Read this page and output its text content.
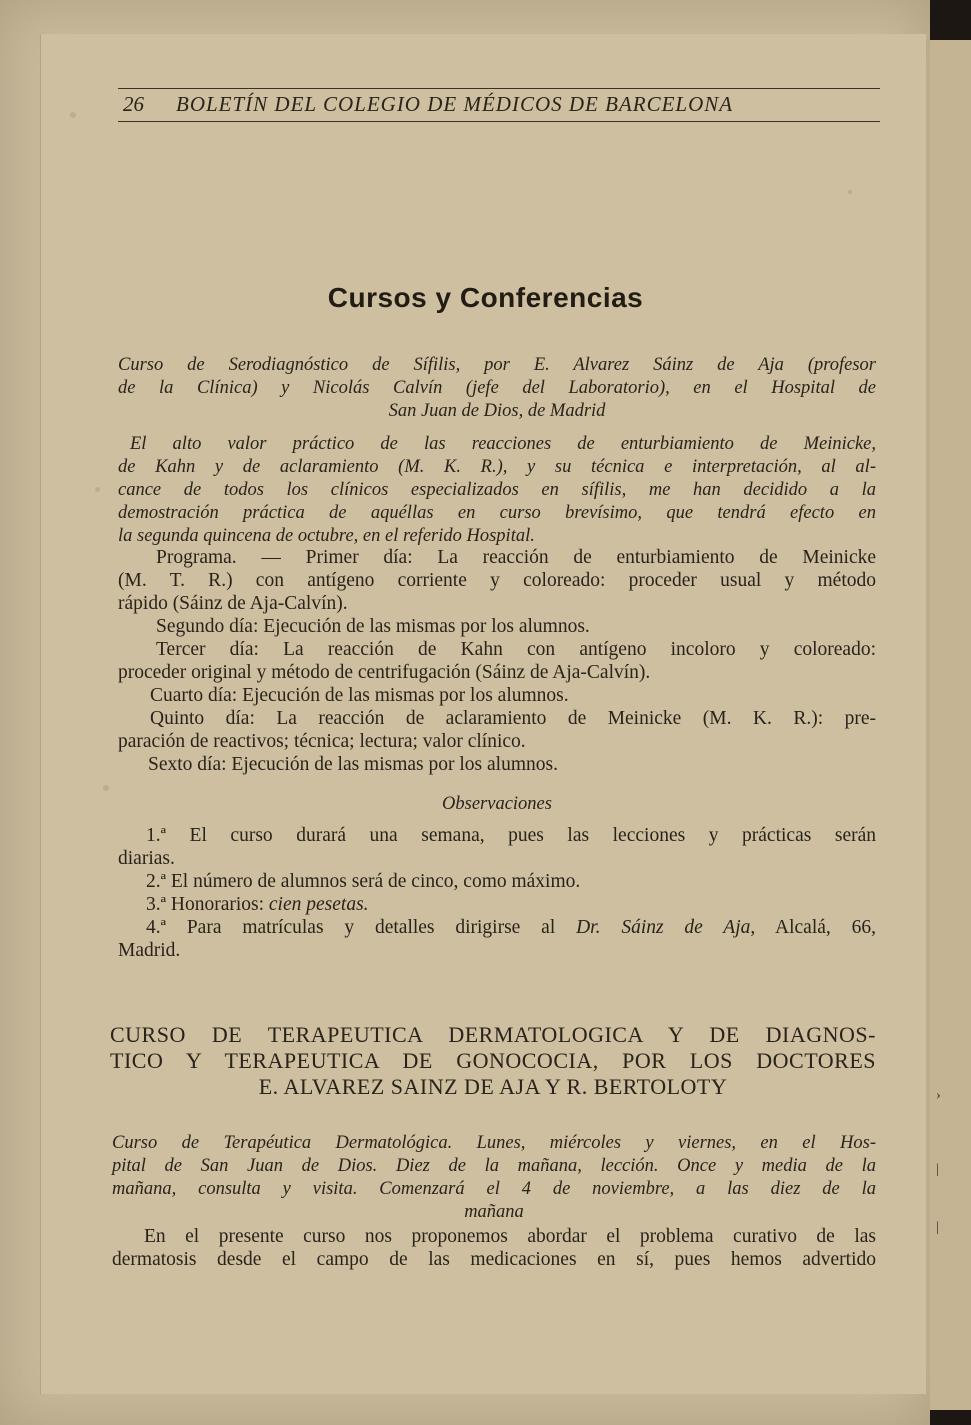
›
|
|
26 BOLETÍN DEL COLEGIO DE MÉDICOS DE BARCELONA
Cursos y Conferencias
Curso de Serodiagnóstico de Sífilis, por E. Alvarez Sáinz de Aja (profesor
de la Clínica) y Nicolás Calvín (jefe del Laboratorio), en el Hospital de
San Juan de Dios, de Madrid
El alto valor práctico de las reacciones de enturbiamiento de Meinicke,
de Kahn y de aclaramiento (M. K. R.), y su técnica e interpretación, al al-
cance de todos los clínicos especializados en sífilis, me han decidido a la
demostración práctica de aquéllas en curso brevísimo, que tendrá efecto en
la segunda quincena de octubre, en el referido Hospital.
Programa. — Primer día: La reacción de enturbiamiento de Meinicke
(M. T. R.) con antígeno corriente y coloreado: proceder usual y método
rápido (Sáinz de Aja-Calvín).
Segundo día: Ejecución de las mismas por los alumnos.
Tercer día: La reacción de Kahn con antígeno incoloro y coloreado:
proceder original y método de centrifugación (Sáinz de Aja-Calvín).
Cuarto día: Ejecución de las mismas por los alumnos.
Quinto día: La reacción de aclaramiento de Meinicke (M. K. R.): pre-
paración de reactivos; técnica; lectura; valor clínico.
Sexto día: Ejecución de las mismas por los alumnos.
Observaciones
1.ª El curso durará una semana, pues las lecciones y prácticas serán
diarias.
2.ª El número de alumnos será de cinco, como máximo.
3.ª Honorarios: cien pesetas.
4.ª Para matrículas y detalles dirigirse al Dr. Sáinz de Aja, Alcalá, 66,
Madrid.
CURSO DE TERAPEUTICA DERMATOLOGICA Y DE DIAGNOS-
TICO Y TERAPEUTICA DE GONOCOCIA, POR LOS DOCTORES
E. ALVAREZ SAINZ DE AJA Y R. BERTOLOTY
Curso de Terapéutica Dermatológica. Lunes, miércoles y viernes, en el Hos-
pital de San Juan de Dios. Diez de la mañana, lección. Once y media de la
mañana, consulta y visita. Comenzará el 4 de noviembre, a las diez de la
mañana
En el presente curso nos proponemos abordar el problema curativo de las
dermatosis desde el campo de las medicaciones en sí, pues hemos advertido
